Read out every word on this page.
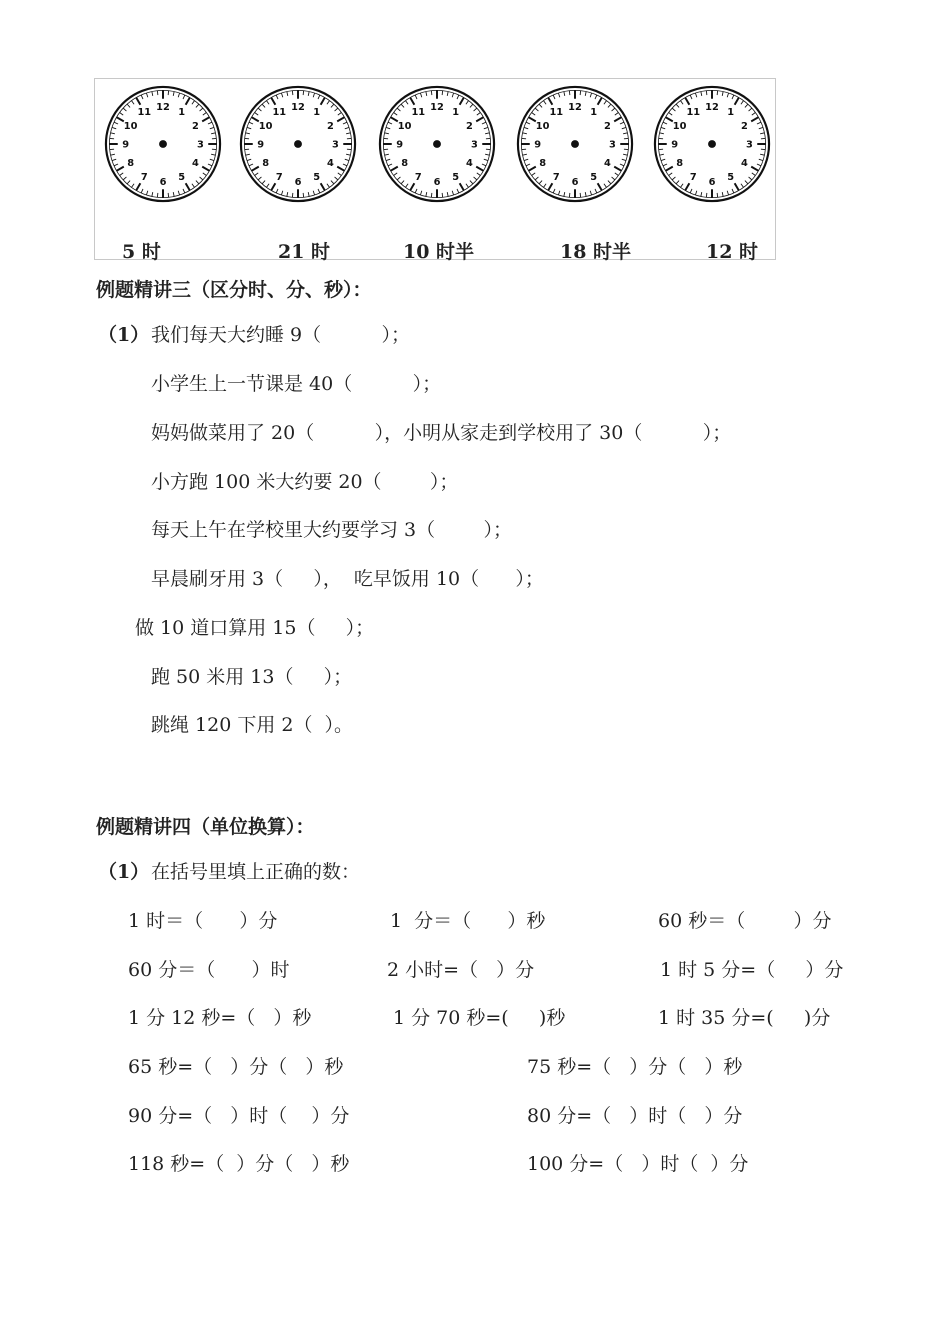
12 1
2
3
4
5
6
7
8
9
10
11	12 1
2
3
4
5
6
7
8
9
10
11	12 1
2
3
4
5
6
7
8
9
10
11	12 1
2
3
4
5
6
7
8
9
10
11	12 1
2
3
4
5
6
7
8
9
10
11
5 时	21 时	10 时半	18 时半	12 时
例题精讲三（区分时、分、秒）：
（1） 我们每天大约睡 9（          ）；
小学生上一节课是 40（          ）；
妈妈做菜用了 20（          ），小明从家走到学校用了 30（          ）；
小方跑 100 米大约要 20（        ）；
每天上午在学校里大约要学习 3（        ）；
早晨刷牙用 3（     ），  吃早饭用 10（      ）；
做 10 道口算用 15（     ）；
跑 50 米用 13（     ）；
跳绳 120 下用 2（  ）。
例题精讲四（单位换算）：
（1） 在括号里填上正确的数：
1 时＝（      ）分	1  分＝（      ）秒	60 秒＝（        ）分
60 分＝（      ）时	2 小时=（   ）分	1 时 5 分=（     ）分
1 分 12 秒=（   ）秒	1 分 70 秒=(     )秒	1 时 35 分=(     )分
65 秒=（   ）分（   ）秒	75 秒=（   ）分（   ）秒
90 分=（   ）时（    ）分	80 分=（   ）时（   ）分
118 秒=（  ）分（   ）秒	100 分=（   ）时（  ）分
